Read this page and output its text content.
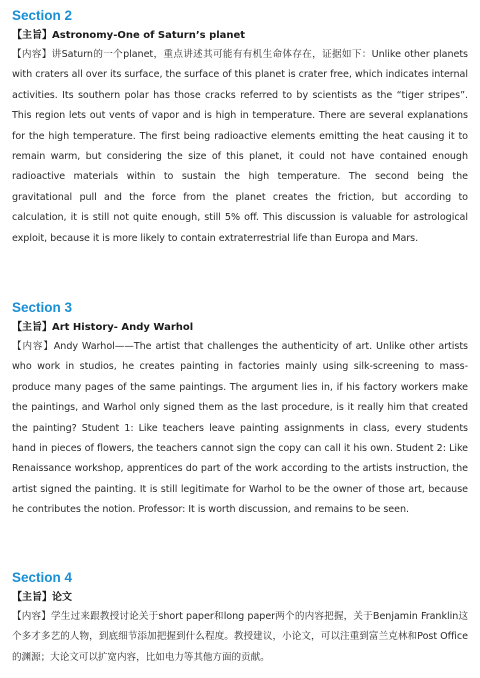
Section 2
【主旨】Astronomy-One of Saturn’s planet

【内容】讲Saturn的一个planet，重点讲述其可能有有机生命体存在，证据如下：Unlike other planets with craters all over its surface, the surface of this planet is crater free, which indicates internal activities. Its southern polar has those cracks referred to by scientists as the “tiger stripes”. This region lets out vents of vapor and is high in temperature. There are several explanations for the high temperature. The first being radioactive elements emitting the heat causing it to remain warm, but considering the size of this planet, it could not have contained enough radioactive materials within to sustain the high temperature. The second being the gravitational pull and the force from the planet creates the friction, but according to calculation, it is still not quite enough, still 5% off. This discussion is valuable for astrological exploit, because it is more likely to contain extraterrestrial life than Europa and Mars.

Section 3
【主旨】Art History- Andy Warhol

【内容】Andy Warhol——The artist that challenges the authenticity of art. Unlike other artists who work in studios, he creates painting in factories mainly using silk-screening to mass-produce many pages of the same paintings. The argument lies in, if his factory workers make the paintings, and Warhol only signed them as the last procedure, is it really him that created the painting? Student 1: Like teachers leave painting assignments in class, every students hand in pieces of flowers, the teachers cannot sign the copy can call it his own. Student 2: Like Renaissance workshop, apprentices do part of the work according to the artists instruction, the artist signed the painting. It is still legitimate for Warhol to be the owner of those art, because he contributes the notion. Professor: It is worth discussion, and remains to be seen.

Section 4
【主旨】论文

【内容】学生过来跟教授讨论关于short paper和long paper两个的内容把握，关于Benjamin Franklin这个多才多艺的人物，到底细节添加把握到什么程度。教授建议，小论文，可以注重到富兰克林和Post Office的渊源；大论文可以扩宽内容，比如电力等其他方面的贡献。
